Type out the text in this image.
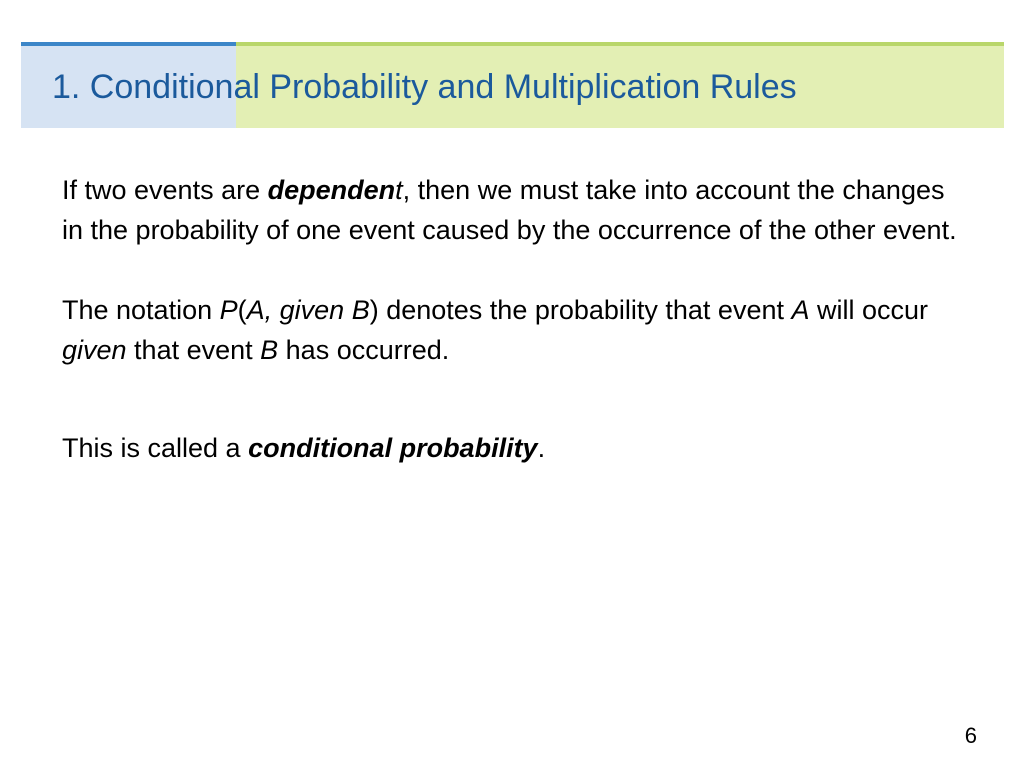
1. Conditional Probability and Multiplication Rules

If two events are dependent, then we must take into account the changes in the probability of one event caused by the occurrence of the other event.

The notation P(A, given B) denotes the probability that event A will occur given that event B has occurred.

This is called a conditional probability.

6
